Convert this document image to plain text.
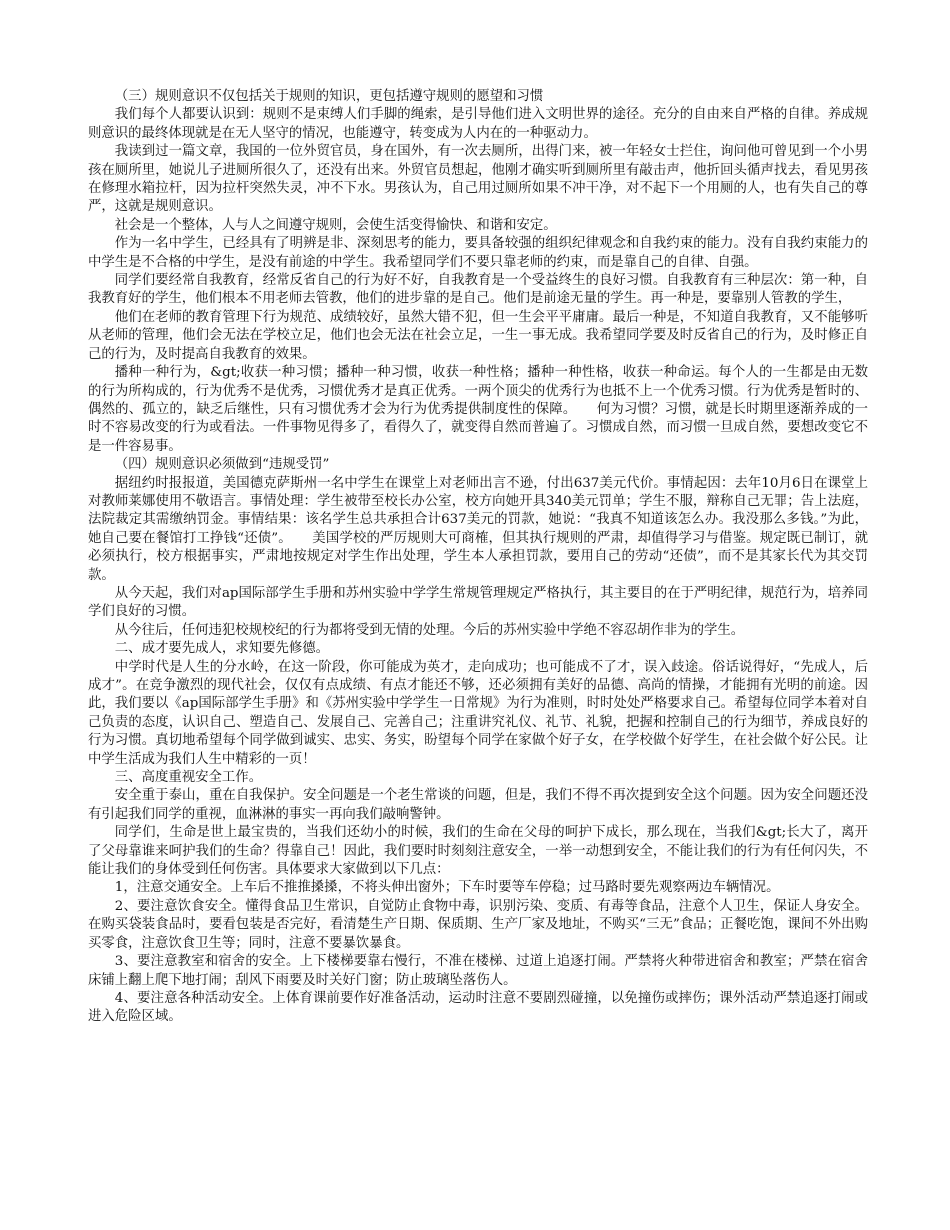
（三）规则意识不仅包括关于规则的知识，更包括遵守规则的愿望和习惯

我们每个人都要认识到：规则不是束缚人们手脚的绳索，是引导他们进入文明世界的途径。充分的自由来自严格的自律。养成规则意识的最终体现就是在无人坚守的情况，也能遵守，转变成为人内在的一种驱动力。

我读到过一篇文章，我国的一位外贸官员，身在国外，有一次去厕所，出得门来，被一年轻女士拦住，询问他可曾见到一个小男孩在厕所里，她说儿子进厕所很久了，还没有出来。外贸官员想起，他刚才确实听到厕所里有敲击声，他折回头循声找去，看见男孩在修理水箱拉杆，因为拉杆突然失灵，冲不下水。男孩认为，自己用过厕所如果不冲干净，对不起下一个用厕的人，也有失自己的尊严，这就是规则意识。

社会是一个整体，人与人之间遵守规则，会使生活变得愉快、和谐和安定。

作为一名中学生，已经具有了明辨是非、深刻思考的能力，要具备较强的组织纪律观念和自我约束的能力。没有自我约束能力的中学生是不合格的中学生，是没有前途的中学生。我希望同学们不要只靠老师的约束，而是靠自己的自律、自强。

同学们要经常自我教育，经常反省自己的行为好不好，自我教育是一个受益终生的良好习惯。自我教育有三种层次：第一种，自我教育好的学生，他们根本不用老师去管教，他们的进步靠的是自己。他们是前途无量的学生。再一种是，要靠别人管教的学生，

他们在老师的教育管理下行为规范、成绩较好，虽然大错不犯，但一生会平平庸庸。最后一种是，不知道自我教育，又不能够听从老师的管理，他们会无法在学校立足，他们也会无法在社会立足，一生一事无成。我希望同学要及时反省自己的行为，及时修正自己的行为，及时提高自我教育的效果。

播种一种行为，&gt;收获一种习惯；播种一种习惯，收获一种性格；播种一种性格，收获一种命运。每个人的一生都是由无数的行为所构成的，行为优秀不是优秀，习惯优秀才是真正优秀。一两个顶尖的优秀行为也抵不上一个优秀习惯。行为优秀是暂时的、偶然的、孤立的，缺乏后继性，只有习惯优秀才会为行为优秀提供制度性的保障。　　何为习惯？习惯，就是长时期里逐渐养成的一时不容易改变的行为或看法。一件事物见得多了，看得久了，就变得自然而普遍了。习惯成自然，而习惯一旦成自然，要想改变它不是一件容易事。

（四）规则意识必须做到“违规受罚”

据纽约时报报道，美国德克萨斯州一名中学生在课堂上对老师出言不逊，付出637美元代价。事情起因：去年10月6日在课堂上对教师莱娜使用不敬语言。事情处理：学生被带至校长办公室，校方向她开具340美元罚单；学生不服，辩称自己无罪；告上法庭，法院裁定其需缴纳罚金。事情结果：该名学生总共承担合计637美元的罚款，她说：“我真不知道该怎么办。我没那么多钱。”为此，她自己要在餐馆打工挣钱“还债”。　　美国学校的严厉规则大可商榷，但其执行规则的严肃，却值得学习与借鉴。规定既已制订，就必须执行，校方根据事实，严肃地按规定对学生作出处理，学生本人承担罚款，要用自己的劳动“还债”，而不是其家长代为其交罚款。

从今天起，我们对ap国际部学生手册和苏州实验中学学生常规管理规定严格执行，其主要目的在于严明纪律，规范行为，培养同学们良好的习惯。

从今往后，任何违犯校规校纪的行为都将受到无情的处理。今后的苏州实验中学绝不容忍胡作非为的学生。

二、成才要先成人，求知要先修德。

中学时代是人生的分水岭，在这一阶段，你可能成为英才，走向成功；也可能成不了才，误入歧途。俗话说得好，“先成人，后成才”。在竞争激烈的现代社会，仅仅有点成绩、有点才能还不够，还必须拥有美好的品德、高尚的情操，才能拥有光明的前途。因此，我们要以《ap国际部学生手册》和《苏州实验中学学生一日常规》为行为准则，时时处处严格要求自己。希望每位同学本着对自己负责的态度，认识自己、塑造自己、发展自己、完善自己；注重讲究礼仪、礼节、礼貌，把握和控制自己的行为细节，养成良好的行为习惯。真切地希望每个同学做到诚实、忠实、务实，盼望每个同学在家做个好子女，在学校做个好学生，在社会做个好公民。让中学生活成为我们人生中精彩的一页！

三、高度重视安全工作。

安全重于泰山，重在自我保护。安全问题是一个老生常谈的问题，但是，我们不得不再次提到安全这个问题。因为安全问题还没有引起我们同学的重视，血淋淋的事实一再向我们敲响警钟。

同学们，生命是世上最宝贵的，当我们还幼小的时候，我们的生命在父母的呵护下成长，那么现在，当我们&gt;长大了，离开了父母靠谁来呵护我们的生命？得靠自己！因此，我们要时时刻刻注意安全，一举一动想到安全，不能让我们的行为有任何闪失，不能让我们的身体受到任何伤害。具体要求大家做到以下几点：

1，注意交通安全。上车后不推推搡搡，不将头伸出窗外；下车时要等车停稳；过马路时要先观察两边车辆情况。

2、要注意饮食安全。懂得食品卫生常识，自觉防止食物中毒，识别污染、变质、有毒等食品，注意个人卫生，保证人身安全。在购买袋装食品时，要看包装是否完好，看清楚生产日期、保质期、生产厂家及地址，不购买“三无”食品；正餐吃饱，课间不外出购买零食，注意饮食卫生等；同时，注意不要暴饮暴食。

3、要注意教室和宿舍的安全。上下楼梯要靠右慢行，不准在楼梯、过道上追逐打闹。严禁将火种带进宿舍和教室；严禁在宿舍床铺上翻上爬下地打闹；刮风下雨要及时关好门窗；防止玻璃坠落伤人。

4、要注意各种活动安全。上体育课前要作好准备活动，运动时注意不要剧烈碰撞，以免撞伤或摔伤；课外活动严禁追逐打闹或进入危险区域。
